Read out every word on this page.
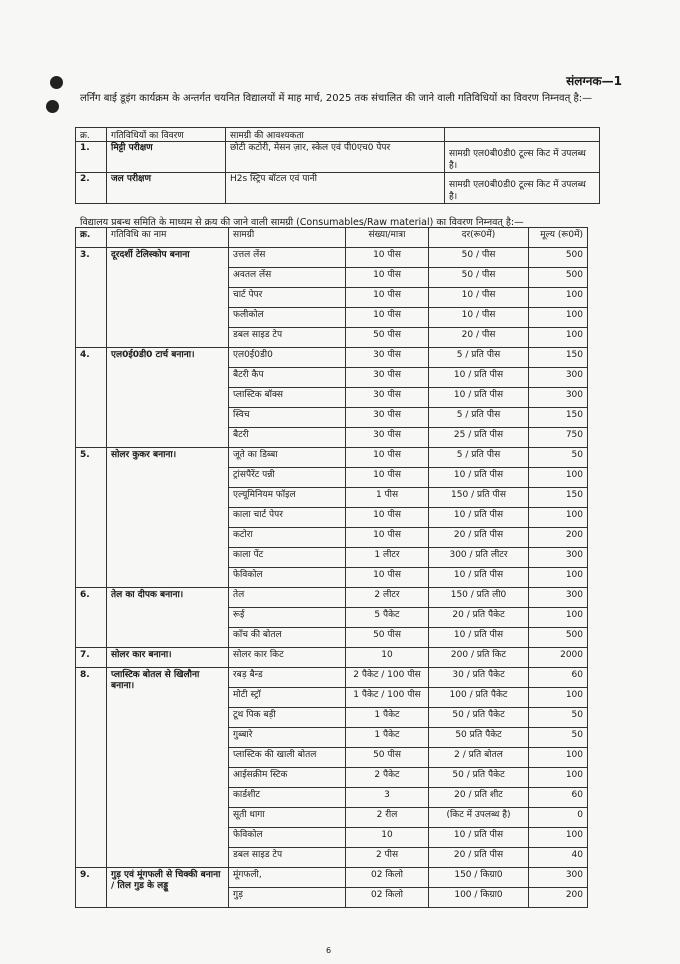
संलग्नक—1
लर्निंग बाई डूइंग कार्यक्रम के अन्तर्गत चयनित विद्यालयों में माह मार्च, 2025 तक संचालित की जाने वाली गतिविधियों का विवरण निम्नवत् है:—
क्र.	गतिविधियों का विवरण	सामग्री की आवश्यकता	
1.	मिट्टी परीक्षण	छोटी कटोरी, मेसन ज़ार, स्केल एवं पी0एच0 पेपर	सामग्री एल0बी0डी0 टूल्स किट में उपलब्ध है।
2.	जल परीक्षण	H2s स्ट्रिप बॉटल एवं पानी	सामग्री एल0बी0डी0 टूल्स किट में उपलब्ध है।
विद्यालय प्रबन्ध समिति के माध्यम से क्रय की जाने वाली सामग्री (Consumables/Raw material) का विवरण निम्नवत् है:—
क्र.	गतिविधि का नाम	सामग्री	संख्या/मात्रा	दर(रू0में)	मूल्य (रू0में)
3.	दूरदर्शी टेलिस्कोप बनाना	उत्तल लेंस	10 पीस	50 / पीस	500
		अवतल लेंस	10 पीस	50 / पीस	500
		चार्ट पेपर	10 पीस	10 / पीस	100
		फलीकोल	10 पीस	10 / पीस	100
		डबल साइड टेप	50 पीस	20 / पीस	100
4.	एल0ई0डी0 टार्च बनाना।	एल0ई0डी0	30 पीस	5 / प्रति पीस	150
		बैटरी कैप	30 पीस	10 / प्रति पीस	300
		प्लास्टिक बॉक्स	30 पीस	10 / प्रति पीस	300
		स्विच	30 पीस	5 / प्रति पीस	150
		बैटरी	30 पीस	25 / प्रति पीस	750
5.	सोलर कुकर बनाना।	जूते का डिब्बा	10 पीस	5 / प्रति पीस	50
		ट्रांसपैरेंट पन्नी	10 पीस	10 / प्रति पीस	100
		एल्यूमिनियम फॉइल	1 पीस	150 / प्रति पीस	150
		काला चार्ट पेपर	10 पीस	10 / प्रति पीस	100
		कटोरा	10 पीस	20 / प्रति पीस	200
		काला पेंट	1 लीटर	300 / प्रति लीटर	300
		फेविकोल	10 पीस	10 / प्रति पीस	100
6.	तेल का दीपक बनाना।	तेल	2 लीटर	150 / प्रति ली0	300
		रूई	5 पैकेट	20 / प्रति पैकेट	100
		काँच की बोतल	50 पीस	10 / प्रति पीस	500
7.	सोलर कार बनाना।	सोलर कार किट	10	200 / प्रति किट	2000
8.	प्लास्टिक बोतल से खिलौना बनाना।	रबड़ बैन्ड	2 पैकेट / 100 पीस	30 / प्रति पैकेट	60
		मोटी स्ट्रॉ	1 पैकेट / 100 पीस	100 / प्रति पैकेट	100
		टूथ पिक बड़ी	1 पैकेट	50 / प्रति पैकेट	50
		गुब्बारे	1 पैकेट	50 प्रति पैकेट	50
		प्लास्टिक की खाली बोतल	50 पीस	2 / प्रति बोतल	100
		आईसक्रीम स्टिक	2 पैकेट	50 / प्रति पैकेट	100
		कार्डशीट	3	20 / प्रति शीट	60
		सूती धागा	2 रील	(किट में उपलब्ध है)	0
		फेविकोल	10	10 / प्रति पीस	100
		डबल साइड टेप	2 पीस	20 / प्रति पीस	40
9.	गुड़ एवं मूंगफली से चिक्की बनाना / तिल गुड के लड्डू	मूंगफली,	02 किलो	150 / किग्रा0	300
		गुड़	02 किलो	100 / किग्रा0	200
6
